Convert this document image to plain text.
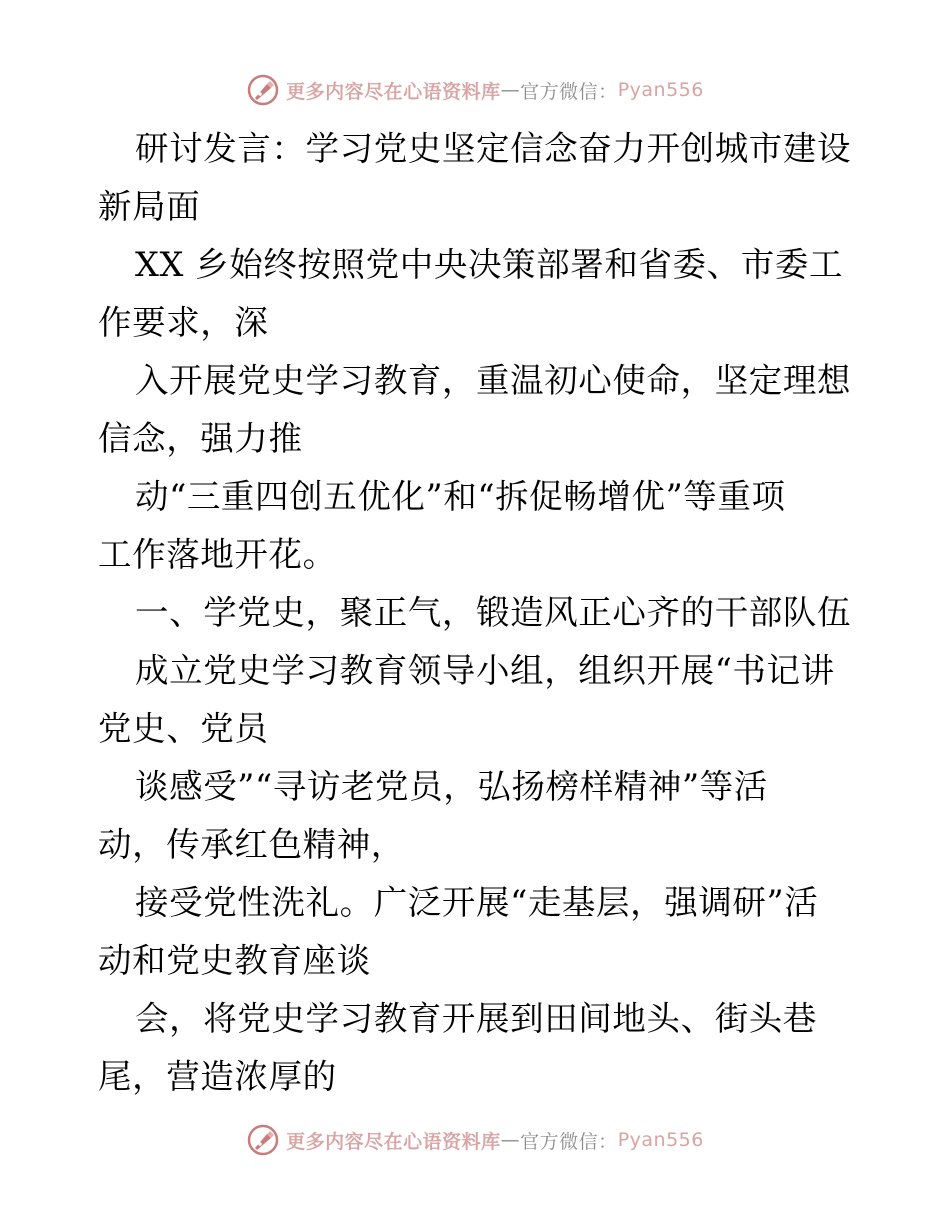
更多内容尽在心语资料库 — 官方微信： Pyan556
研讨发言：学习党史坚定信念奋力开创城市建设
新局面
XX 乡始终按照党中央决策部署和省委、市委工
作要求，深
入开展党史学习教育，重温初心使命，坚定理想
信念，强力推
动“三重四创五优化”和“拆促畅增优”等重项
工作落地开花。
一、学党史，聚正气，锻造风正心齐的干部队伍
成立党史学习教育领导小组，组织开展“书记讲
党史、党员
谈感受”“寻访老党员，弘扬榜样精神”等活
动，传承红色精神，
接受党性洗礼。广泛开展“走基层，强调研”活
动和党史教育座谈
会，将党史学习教育开展到田间地头、街头巷
尾，营造浓厚的
更多内容尽在心语资料库 — 官方微信： Pyan556
